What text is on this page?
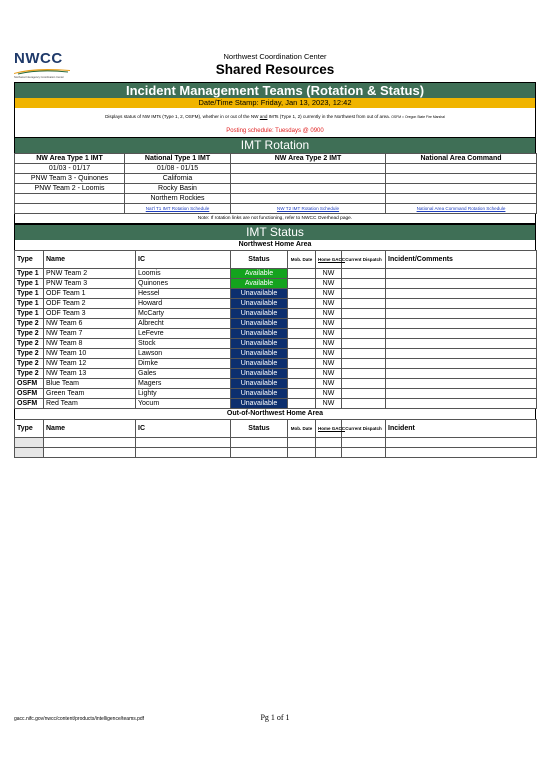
NWCC
Northwest Interagency Coordination Center
Northwest Coordination Center
Shared Resources
Incident Management Teams (Rotation & Status)
Date/Time Stamp: Friday, Jan 13, 2023, 12:42
Displays status of NW IMTs (Type 1, 2, OSFM), whether in or out of the NW and IMTs (Type 1, 2) currently in the Northwest from out of area. OSFM = Oregon State Fire Marshal
Posting schedule: Tuesdays @ 0900
IMT Rotation
NW Area Type 1 IMT	National Type 1 IMT	NW Area Type 2 IMT	National Area Command
01/03 - 01/17	01/08 - 01/15		
PNW Team 3 - Quinones	California		
PNW Team 2 - Loomis	Rocky Basin		
	Northern Rockies		
	Nat'l T1 IMT Rotation Schedule	NW T2 IMT Rotation Schedule	National Area Command Rotation Schedule
Note: If rotation links are not functioning, refer to NWCC Overhead page.
IMT Status
Northwest Home Area
Type	Name	IC	Status	Mob. Date	Home GACC	Current Dispatch	Incident/Comments
Type 1	PNW Team 2	Loomis	Available		NW		
Type 1	PNW Team 3	Quinones	Available		NW		
Type 1	ODF Team 1	Hessel	Unavailable		NW		
Type 1	ODF Team 2	Howard	Unavailable		NW		
Type 1	ODF Team 3	McCarty	Unavailable		NW		
Type 2	NW Team 6	Albrecht	Unavailable		NW		
Type 2	NW Team 7	LeFevre	Unavailable		NW		
Type 2	NW Team 8	Stock	Unavailable		NW		
Type 2	NW Team 10	Lawson	Unavailable		NW		
Type 2	NW Team 12	Dimke	Unavailable		NW		
Type 2	NW Team 13	Gales	Unavailable		NW		
OSFM	Blue Team	Magers	Unavailable		NW		
OSFM	Green Team	Lighty	Unavailable		NW		
OSFM	Red Team	Yocum	Unavailable		NW		
Out-of-Northwest Home Area
Type	Name	IC	Status	Mob. Date	Home GACC	Current Dispatch	Incident

gacc.nifc.gov/nwcc/content/products/intelligence/teams.pdf	Pg 1 of 1
